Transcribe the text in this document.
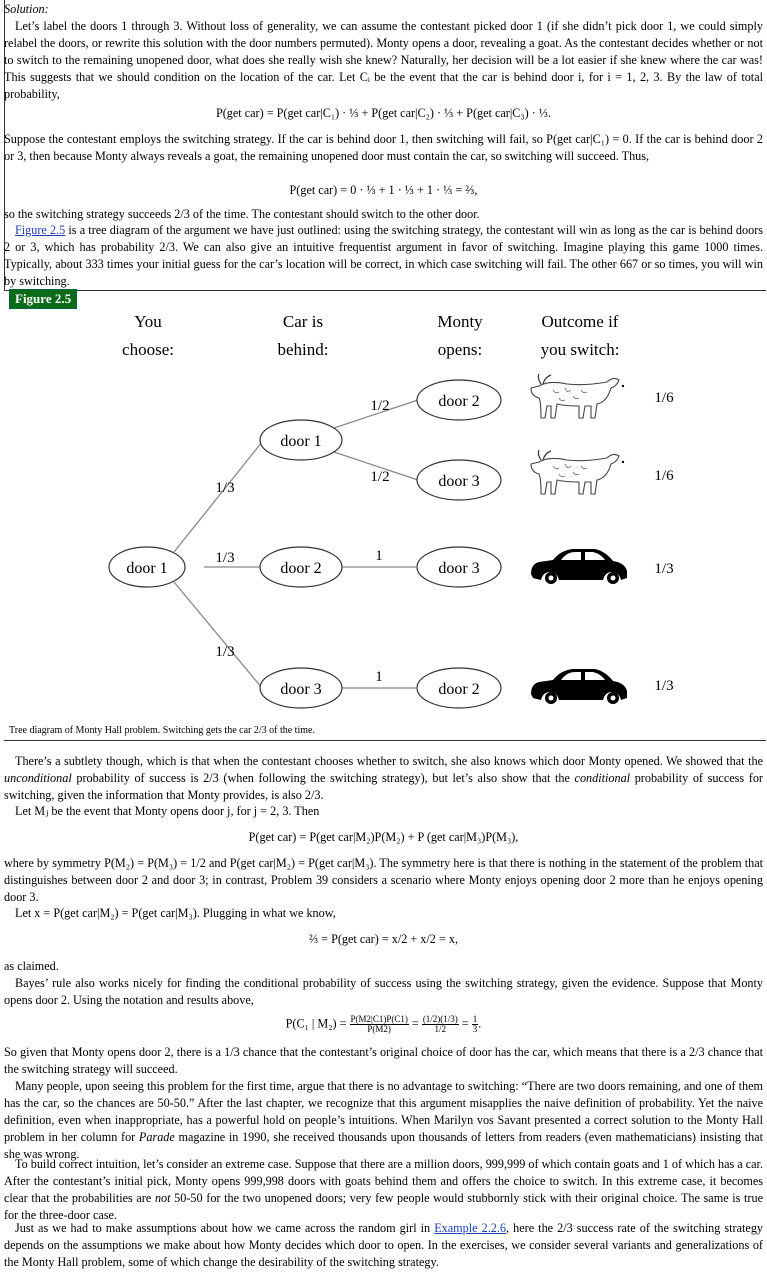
Solution:
Let’s label the doors 1 through 3. Without loss of generality, we can assume the contestant picked door 1 (if she didn’t pick door 1, we could simply relabel the doors, or rewrite this solution with the door numbers permuted). Monty opens a door, revealing a goat. As the contestant decides whether or not to switch to the remaining unopened door, what does she really wish she knew? Naturally, her decision will be a lot easier if she knew where the car was! This suggests that we should condition on the location of the car. Let Cᵢ be the event that the car is behind door i, for i = 1, 2, 3. By the law of total probability,
P(get car) = P(get car|C₁) · ⅓ + P(get car|C₂) · ⅓ + P(get car|C₃) · ⅓.
Suppose the contestant employs the switching strategy. If the car is behind door 1, then switching will fail, so P(get car|C₁) = 0. If the car is behind door 2 or 3, then because Monty always reveals a goat, the remaining unopened door must contain the car, so switching will succeed. Thus,
P(get car) = 0 · ⅓ + 1 · ⅓ + 1 · ⅓ = ⅔,
so the switching strategy succeeds 2/3 of the time. The contestant should switch to the other door.
Figure 2.5 is a tree diagram of the argument we have just outlined: using the switching strategy, the contestant will win as long as the car is behind doors 2 or 3, which has probability 2/3. We can also give an intuitive frequentist argument in favor of switching. Imagine playing this game 1000 times. Typically, about 333 times your initial guess for the car’s location will be correct, in which case switching will fail. The other 667 or so times, you will win by switching.
Figure 2.5
You
choose:
Car is
behind:
Monty
opens:
Outcome if
you switch:
1/3
1/3
1/3
1/2
1/2
1
1
door 1
door 1
door 2
door 3
door 2
door 3
door 3
door 2
1/6
1/6
1/3
1/3
Tree diagram of Monty Hall problem. Switching gets the car 2/3 of the time.
There’s a subtlety though, which is that when the contestant chooses whether to switch, she also knows which door Monty opened. We showed that the unconditional probability of success is 2/3 (when following the switching strategy), but let’s also show that the conditional probability of success for switching, given the information that Monty provides, is also 2/3.
Let Mⱼ be the event that Monty opens door j, for j = 2, 3. Then
P(get car) = P(get car|M₂)P(M₂) + P (get car|M₃)P(M₃),
where by symmetry P(M₂) = P(M₃) = 1/2 and P(get car|M₂) = P(get car|M₃). The symmetry here is that there is nothing in the statement of the problem that distinguishes between door 2 and door 3; in contrast, Problem 39 considers a scenario where Monty enjoys opening door 2 more than he enjoys opening door 3.
Let x = P(get car|M₂) = P(get car|M₃). Plugging in what we know,
⅔ = P(get car) = x/2 + x/2 = x,
as claimed.
Bayes’ rule also works nicely for finding the conditional probability of success using the switching strategy, given the evidence. Suppose that Monty opens door 2. Using the notation and results above,
P(C₁ | $M_2) = \frac{P(M2|C1)P(C1)}{P(M2)} = \frac{(1/2)(1/3)}{1/2} = \frac{1}{3}$ .
So given that Monty opens door 2, there is a 1/3 chance that the contestant’s original choice of door has the car, which means that there is a 2/3 chance that the switching strategy will succeed.
Many people, upon seeing this problem for the first time, argue that there is no advantage to switching: “There are two doors remaining, and one of them has the car, so the chances are 50-50.” After the last chapter, we recognize that this argument misapplies the naive definition of probability. Yet the naive definition, even when inappropriate, has a powerful hold on people’s intuitions. When Marilyn vos Savant presented a correct solution to the Monty Hall problem in her column for Parade magazine in 1990, she received thousands upon thousands of letters from readers (even mathematicians) insisting that she was wrong.
To build correct intuition, let’s consider an extreme case. Suppose that there are a million doors, 999,999 of which contain goats and 1 of which has a car. After the contestant’s initial pick, Monty opens 999,998 doors with goats behind them and offers the choice to switch. In this extreme case, it becomes clear that the probabilities are not 50-50 for the two unopened doors; very few people would stubbornly stick with their original choice. The same is true for the three-door case.
Just as we had to make assumptions about how we came across the random girl in Example 2.2.6, here the 2/3 success rate of the switching strategy depends on the assumptions we make about how Monty decides which door to open. In the exercises, we consider several variants and generalizations of the Monty Hall problem, some of which change the desirability of the switching strategy.
